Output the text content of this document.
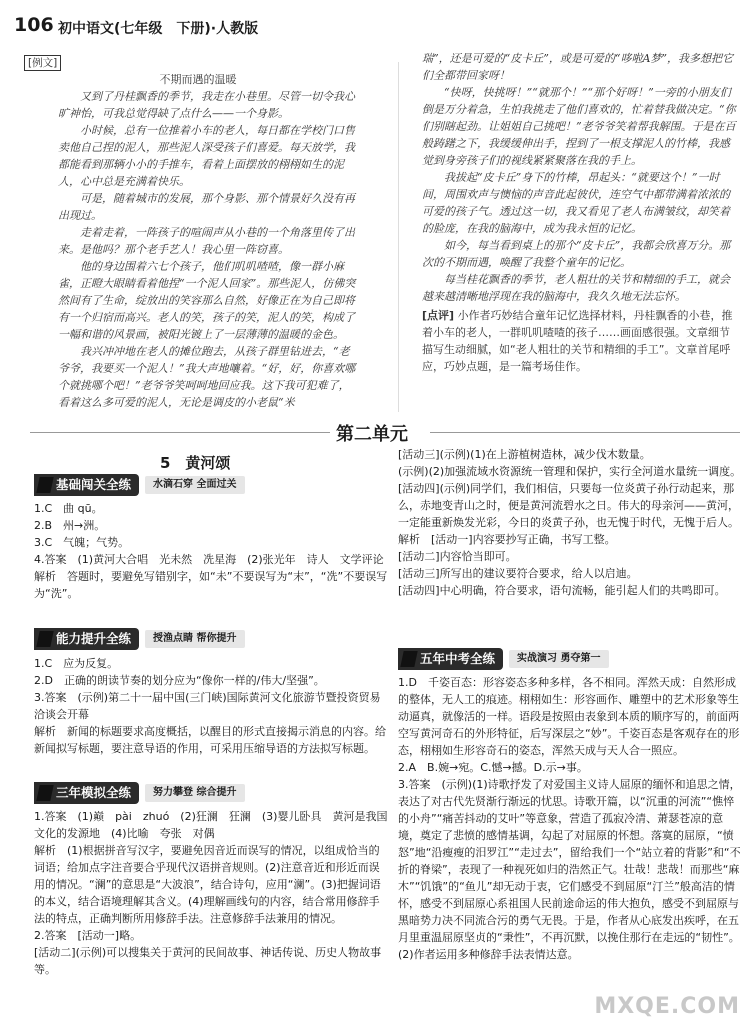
106 初中语文(七年级　下册)·人教版
[例文]
不期而遇的温暖

又到了丹桂飘香的季节，我走在小巷里。尽管一切令我心旷神怡，可我总觉得缺了点什么——一个身影。

小时候，总有一位推着小车的老人，每日都在学校门口售卖他自己捏的泥人，那些泥人深受孩子们喜爱。每天放学，我都能看到那辆小小的手推车，看着上面摆放的栩栩如生的泥人，心中总是充满着快乐。

可是，随着城市的发展，那个身影、那个情景好久没有再出现过。

走着走着，一阵孩子的喧闹声从小巷的一个角落里传了出来。是他吗？那个老手艺人！我心里一阵窃喜。

他的身边围着六七个孩子，他们叽叽喳喳，像一群小麻雀，正瞪大眼睛看着他捏“一个泥人回家”。那些泥人，仿佛突然间有了生命，绽放出的笑容那么自然，好像正在为自己即将有一个归宿而高兴。老人的笑，孩子的笑，泥人的笑，构成了一幅和谐的风景画，被阳光镀上了一层薄薄的温暖的金色。

我兴冲冲地在老人的摊位跑去，从孩子群里钻进去，“老爷爷，我要买一个泥人！”我大声地嚷着。“好，好，你喜欢哪个就挑哪个吧！”老爷爷笑呵呵地回应我。这下我可犯难了，看着这么多可爱的泥人，无论是调皮的小老鼠“米

瑞”，还是可爱的“皮卡丘”，或是可爱的“哆啦A梦”，我多想把它们全都带回家呀！

“快呀，快挑呀！”“就那个！”“那个好呀！”一旁的小朋友们倒是万分着急，生怕我挑走了他们喜欢的，忙着替我做决定。“你们别瞎起劲。让姐姐自己挑吧！”老爷爷笑着帮我解围。于是在百般踌躇之下，我缓缓伸出手，捏到了一根支撑泥人的竹棒，我感觉到身旁孩子们的视线紧紧聚落在我的手上。

我拔起“皮卡丘”身下的竹棒，昂起头：“就要这个！”一时间，周围欢声与懊恼的声音此起彼伏，连空气中都带满着浓浓的可爱的孩子气。透过这一切，我又看见了老人布满皱纹，却笑着的脸庞，在我的脑海中，成为我永恒的记忆。

如今，每当看到桌上的那个“皮卡丘”，我都会欣喜万分。那次的不期而遇，唤醒了我整个童年的记忆。

每当桂花飘香的季节，老人粗壮的关节和精细的手工，就会越来越清晰地浮现在我的脑海中，我久久地无法忘怀。

[点评] 小作者巧妙结合童年记忆选择材料，丹桂飘香的小巷，推着小车的老人，一群叽叽喳喳的孩子……画面感很强。文章细节描写生动细腻，如“老人粗壮的关节和精细的手工”。文章首尾呼应，巧妙点题，是一篇考场佳作。

第二单元
5　黄河颂
基础闯关全练	水滴石穿 全面过关

1.C　曲 qū。

2.B　州→洲。

3.C　气魄；气势。

4.答案　(1)黄河大合唱　光未然　冼星海　(2)张光年　诗人　文学评论

解析　答题时，要避免写错别字，如“未”不要误写为“末”，“冼”不要误写为“洗”。

能力提升全练	授渔点睛 帮你提升

1.C　应为反复。

2.D　正确的朗读节奏的划分应为“像你一样的/伟大/坚强”。

3.答案　(示例)第二十一届中国(三门峡)国际黄河文化旅游节暨投资贸易洽谈会开幕

解析　新闻的标题要求高度概括，以醒目的形式直接揭示消息的内容。给新闻拟写标题，要注意导语的作用，可采用压缩导语的方法拟写标题。

三年模拟全练	努力攀登 综合提升

1.答案　(1)巅　pài　zhuó　(2)狂澜　狂澜　(3)婴儿卧具　黄河是我国文化的发源地　(4)比喻　夸张　对偶

解析　(1)根据拼音写汉字，要避免因音近而误写的情况，以组成恰当的词语；给加点字注音要合乎现代汉语拼音规则。(2)注意音近和形近而误用的情况。“澜”的意思是“大波浪”，结合诗句，应用“澜”。(3)把握词语的本义，结合语境理解其含义。(4)理解画线句的内容，结合常用修辞手法的特点，正确判断所用修辞手法。注意修辞手法兼用的情况。

2.答案　[活动一]略。

[活动二](示例)可以搜集关于黄河的民间故事、神话传说、历史人物故事等。

[活动三](示例)(1)在上游植树造林，减少伐木数量。

(示例)(2)加强流域水资源统一管理和保护，实行全河道水量统一调度。

[活动四](示例)同学们，我们相信，只要每一位炎黄子孙行动起来，那么，赤地变青山之时，便是黄河流碧水之日。伟大的母亲河——黄河，一定能重新焕发光彩，今日的炎黄子孙，也无愧于时代，无愧于后人。

解析　[活动一]内容要抄写正确，书写工整。

[活动二]内容恰当即可。

[活动三]所写出的建议要符合要求，给人以启迪。

[活动四]中心明确，符合要求，语句流畅，能引起人们的共鸣即可。

五年中考全练	实战演习 勇夺第一

1.D　千姿百态：形容姿态多种多样，各不相同。浑然天成：自然形成的整体，无人工的痕迹。栩栩如生：形容画作、雕塑中的艺术形象等生动逼真，就像活的一样。语段是按照由表象到本质的顺序写的，前面两空写黄河奇石的外形特征，后写深层之“妙”。千姿百态是客观存在的形态，栩栩如生形容奇石的姿态，浑然天成与天人合一照应。

2.A　B.婉→宛。C.憾→撼。D.示→事。

3.答案　(示例)(1)诗歌抒发了对爱国主义诗人屈原的缅怀和追思之情，表达了对古代先贤渐行渐远的忧思。诗歌开篇，以“沉重的河流”“憔悴的小舟”“痛苦抖动的艾叶”等意象，营造了孤寂冷清、萧瑟苍凉的意境，奠定了悲愤的感情基调，勾起了对屈原的怀想。落寞的屈原，“愤怒”地“沿瘦瘦的汨罗江”“走过去”，留给我们一个“站立着的背影”和“不折的脊梁”，表现了一种视死如归的浩然正气。壮哉！悲哉！而那些“麻木”“饥饿”的“鱼儿”却无动于衷，它们感受不到屈原“汀兰”般高洁的情怀，感受不到屈原心系祖国人民前途命运的伟大抱负，感受不到屈原与黑暗势力决不同流合污的勇气无畏。于是，作者从心底发出疾呼，在五月里重温屈原坚贞的“秉性”，不再沉默，以挽住那行在走远的“韧性”。

(2)作者运用多种修辞手法表情达意。

MXQE.COM
